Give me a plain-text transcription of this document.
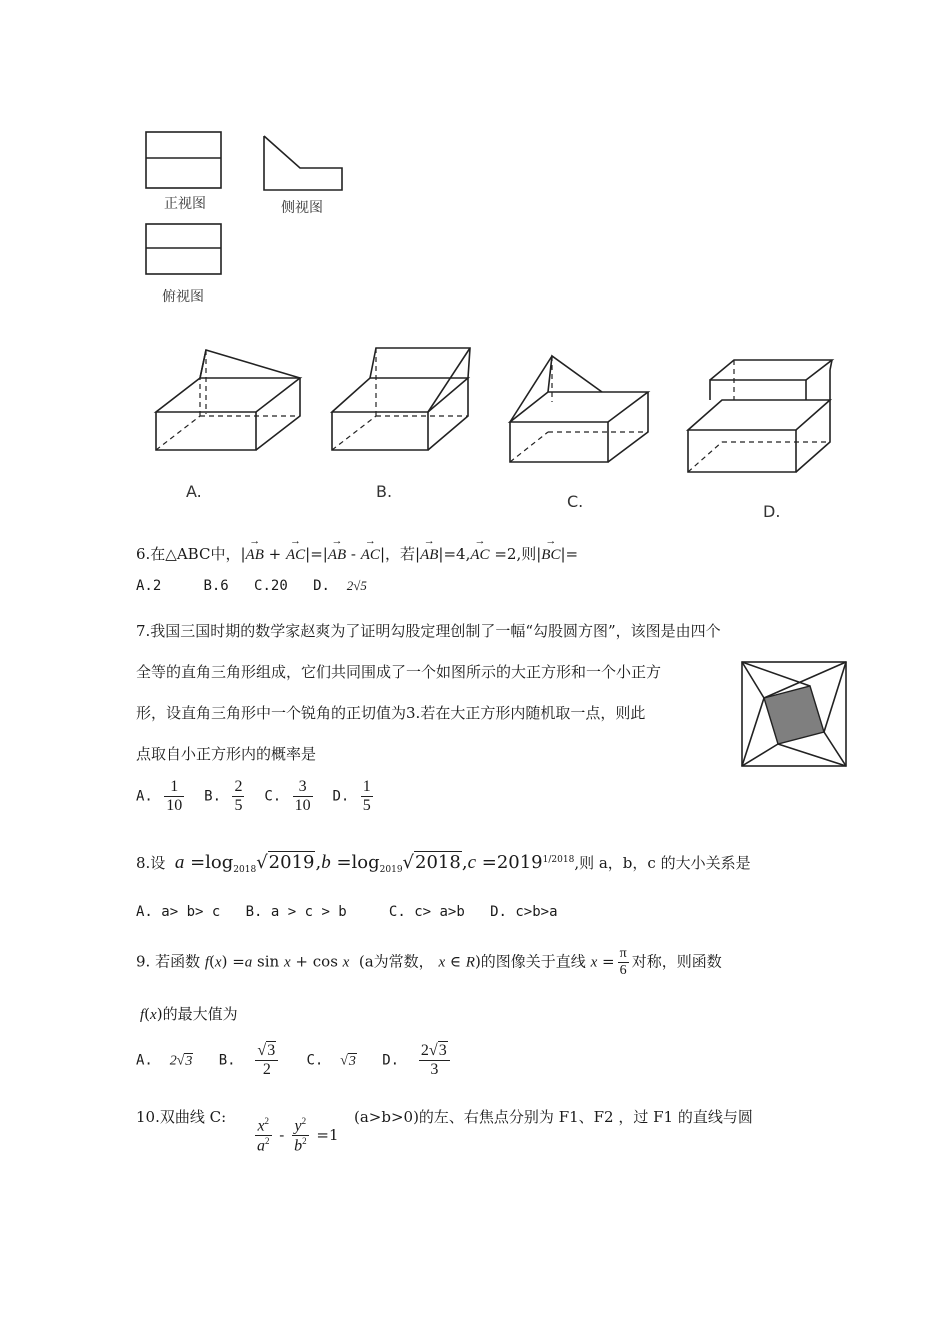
正视图	侧视图
俯视图
A.	B.
C.
D.
6.在△ABC中，|→ AB + → AC|=|→ AB - → AC|，若|→ AB|=4,→ AC =2,则|→ BC|=
A.2	B.6 C.20 D. 2√5
7.我国三国时期的数学家赵爽为了证明勾股定理创制了一幅“勾股圆方图”，该图是由四个
全等的直角三角形组成，它们共同围成了一个如图所示的大正方形和一个小正方
形，设直角三角形中一个锐角的正切值为3.若在大正方形内随机取一点，则此
点取自小正方形内的概率是
A. $\frac{1}{10} B$. $\frac{2}{5} C$. $\frac{3}{10} D$. $\frac{1}{5}$
8.设 $a =\log_{2018}√2019,b =\log_{2019}√2018,c =2019^{1/2018}$,则 a，b，c 的大小关系是
A. a> b> c B. a > c > b	C. c> a>b D. c>b>a
9. 若函数 f(x) =a sin x + cos x (a为常数， x ∈ R)的图像关于直线 $x = \frac{\pi}{6}$ 对称，则函数
f(x)的最大值为
A. 2√3 B. $\frac{√3}{2} C$. √3 D. $\frac{2√3}{3}$
10.双曲线 C: $\frac{x^2}{a^2} - \frac{y^2}{b^2} =1$
(a>b>0)的左、右焦点分别为 F1、F2 ，过 F1 的直线与圆
